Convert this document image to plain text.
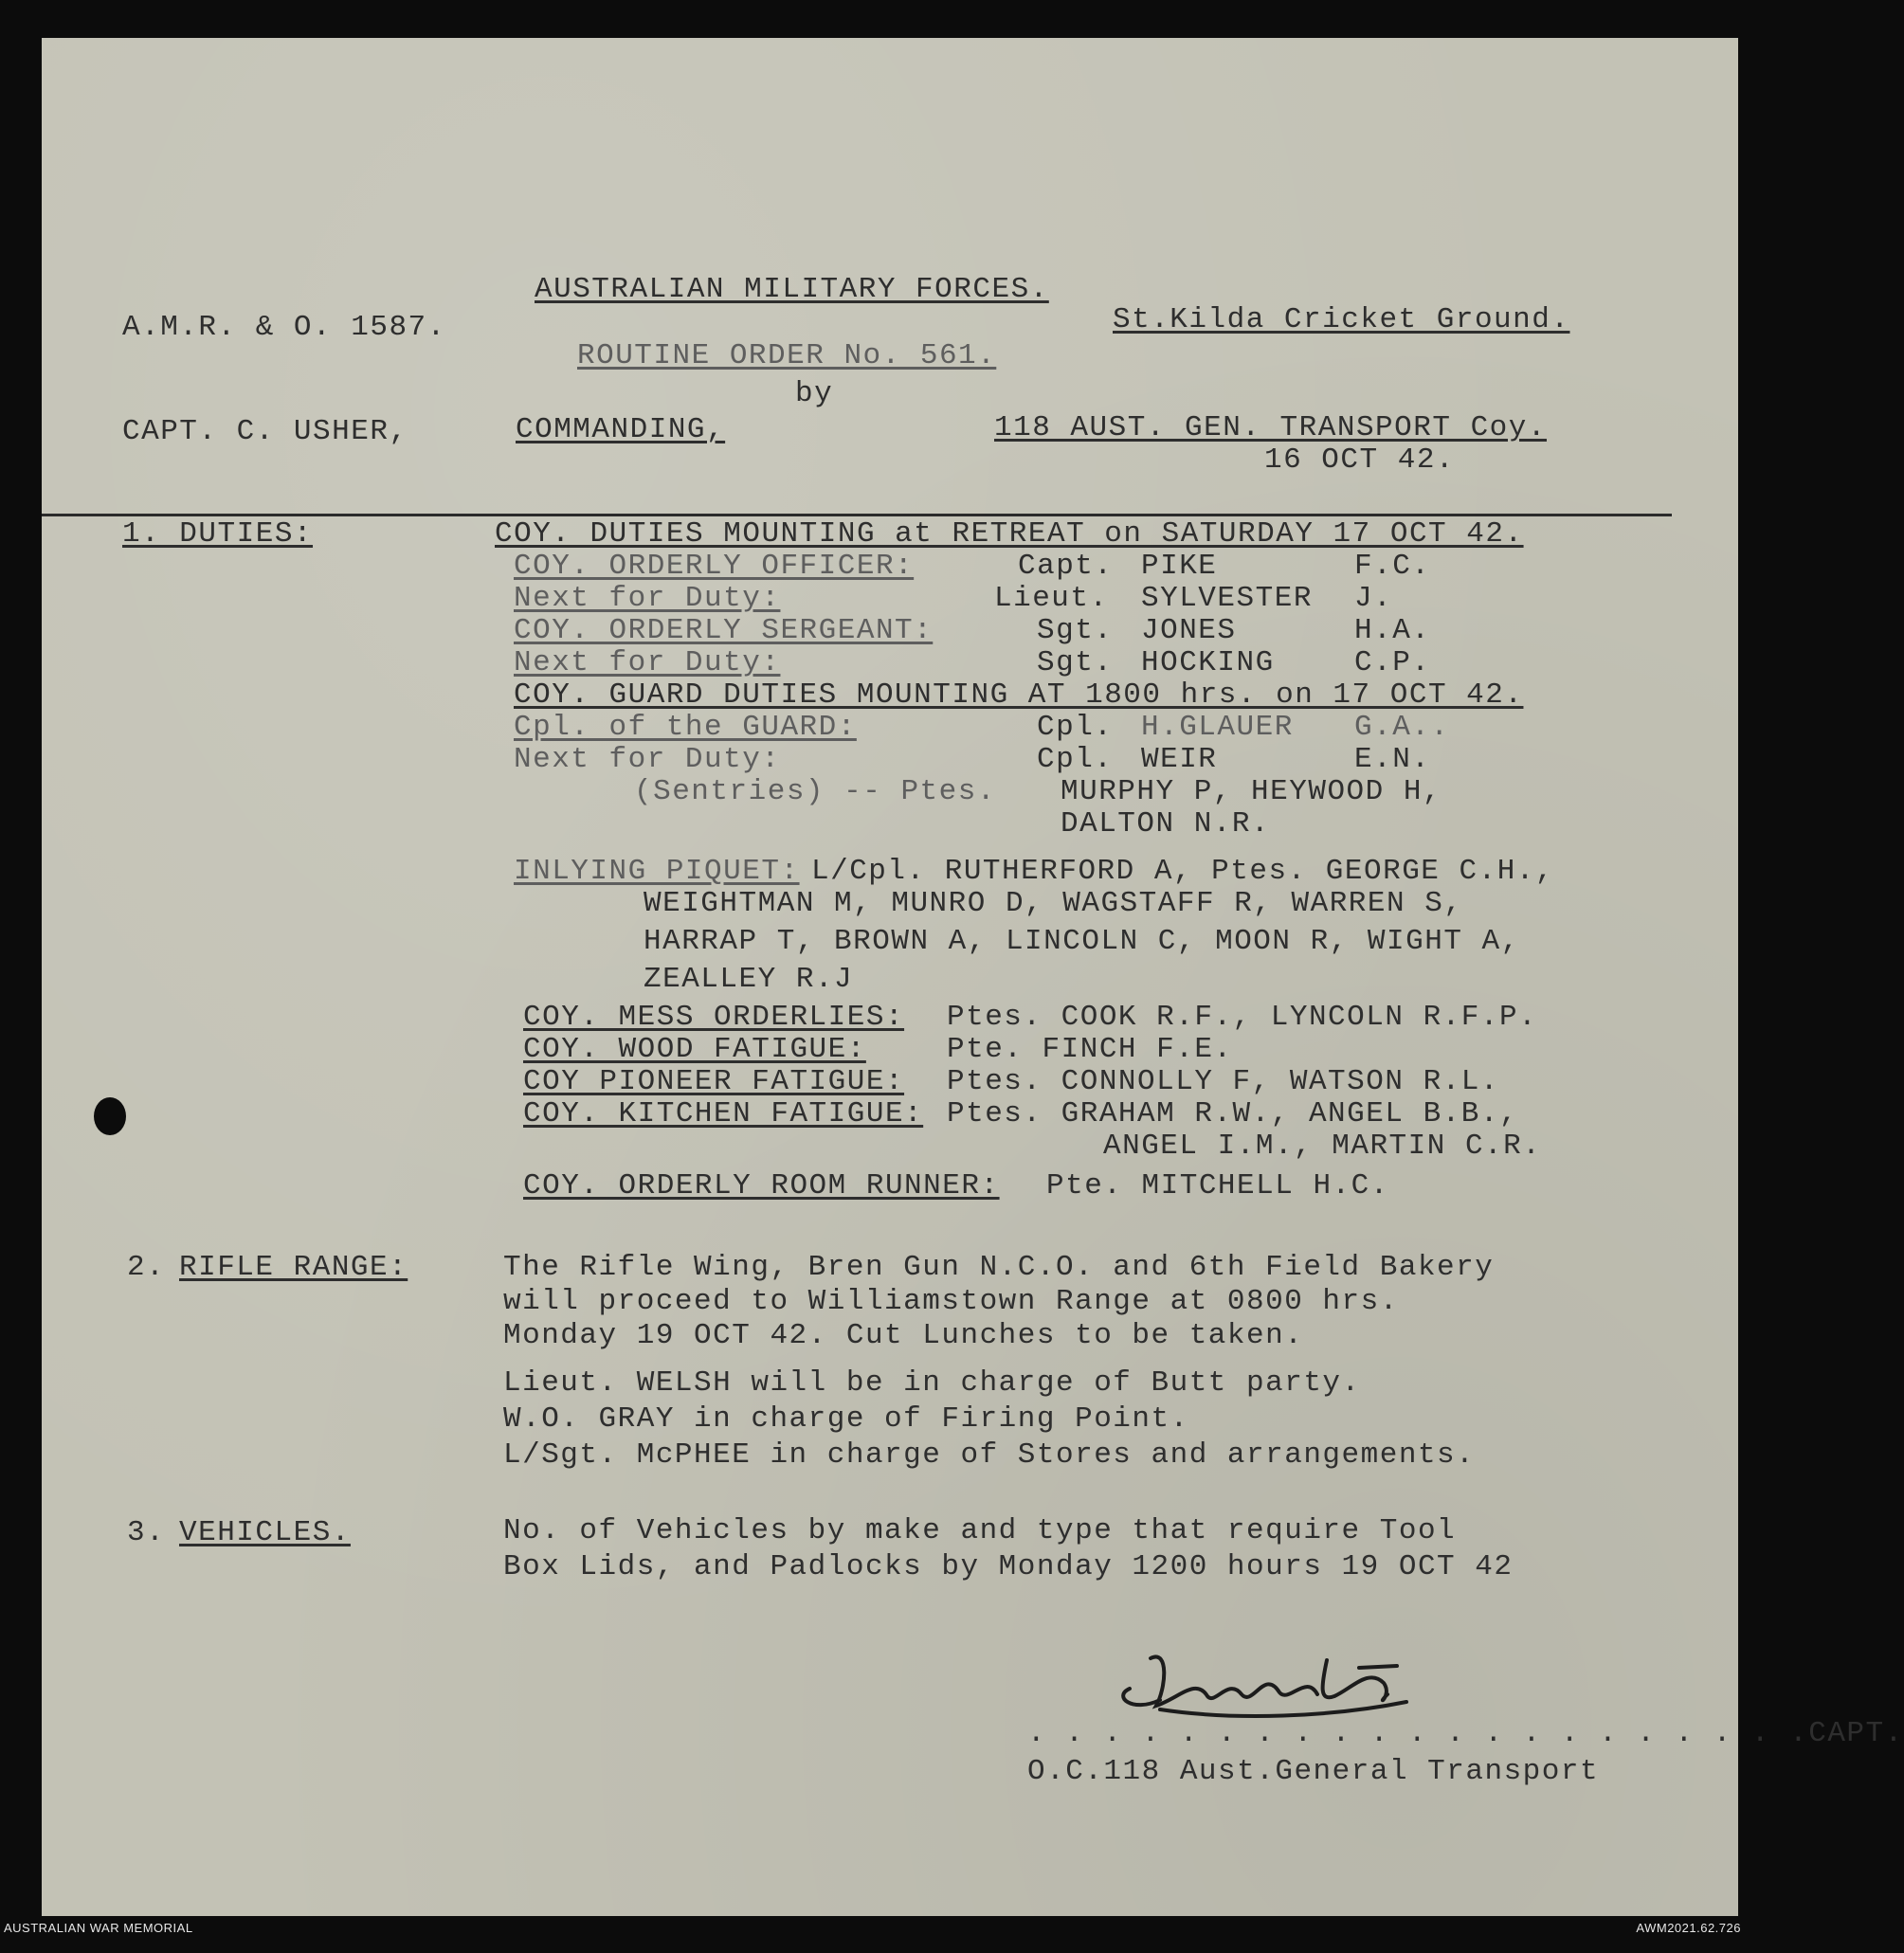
A.M.R. & O. 1587.
AUSTRALIAN MILITARY FORCES.
St.Kilda Cricket Ground.
ROUTINE ORDER No. 561.
by
CAPT. C. USHER,	COMMANDING,	118 AUST. GEN. TRANSPORT Coy.
16 OCT 42.
1. DUTIES:	COY. DUTIES MOUNTING at RETREAT on SATURDAY 17 OCT 42.
COY. ORDERLY OFFICER:	Capt. PIKE	F.C.
Next for Duty:	Lieut. SYLVESTER J.
COY. ORDERLY SERGEANT:	Sgt. JONES	H.A.
Next for Duty:	Sgt. HOCKING	C.P.
COY. GUARD DUTIES MOUNTING AT 1800 hrs. on 17 OCT 42.
Cpl. of the GUARD:	Cpl. H.GLAUER G.A..
Next for Duty:	Cpl. WEIR	E.N.
(Sentries) -- Ptes. MURPHY P, HEYWOOD H,
DALTON N.R.
INLYING PIQUET: L/Cpl. RUTHERFORD A, Ptes. GEORGE C.H.,
WEIGHTMAN M, MUNRO D, WAGSTAFF R, WARREN S,
HARRAP T, BROWN A, LINCOLN C, MOON R, WIGHT A,
ZEALLEY R.J
COY. MESS ORDERLIES: Ptes. COOK R.F., LYNCOLN R.F.P.
COY. WOOD FATIGUE:	Pte. FINCH F.E.
COY PIONEER FATIGUE: Ptes. CONNOLLY F, WATSON R.L.
COY. KITCHEN FATIGUE: Ptes. GRAHAM R.W., ANGEL B.B.,
ANGEL I.M., MARTIN C.R.
COY. ORDERLY ROOM RUNNER: Pte. MITCHELL H.C.
2. RIFLE RANGE:	The Rifle Wing, Bren Gun N.C.O. and 6th Field Bakery
will proceed to Williamstown Range at 0800 hrs.
Monday 19 OCT 42. Cut Lunches to be taken.
Lieut. WELSH will be in charge of Butt party.
W.O. GRAY in charge of Firing Point.
L/Sgt. McPHEE in charge of Stores and arrangements.
3. VEHICLES.	No. of Vehicles by make and type that require Tool
Box Lids, and Padlocks by Monday 1200 hours 19 OCT 42
. . . . . . . . . . . . . . . . . . . . .CAPT.
O.C.118 Aust.General Transport
AUSTRALIAN WAR MEMORIAL	AWM2021.62.726
